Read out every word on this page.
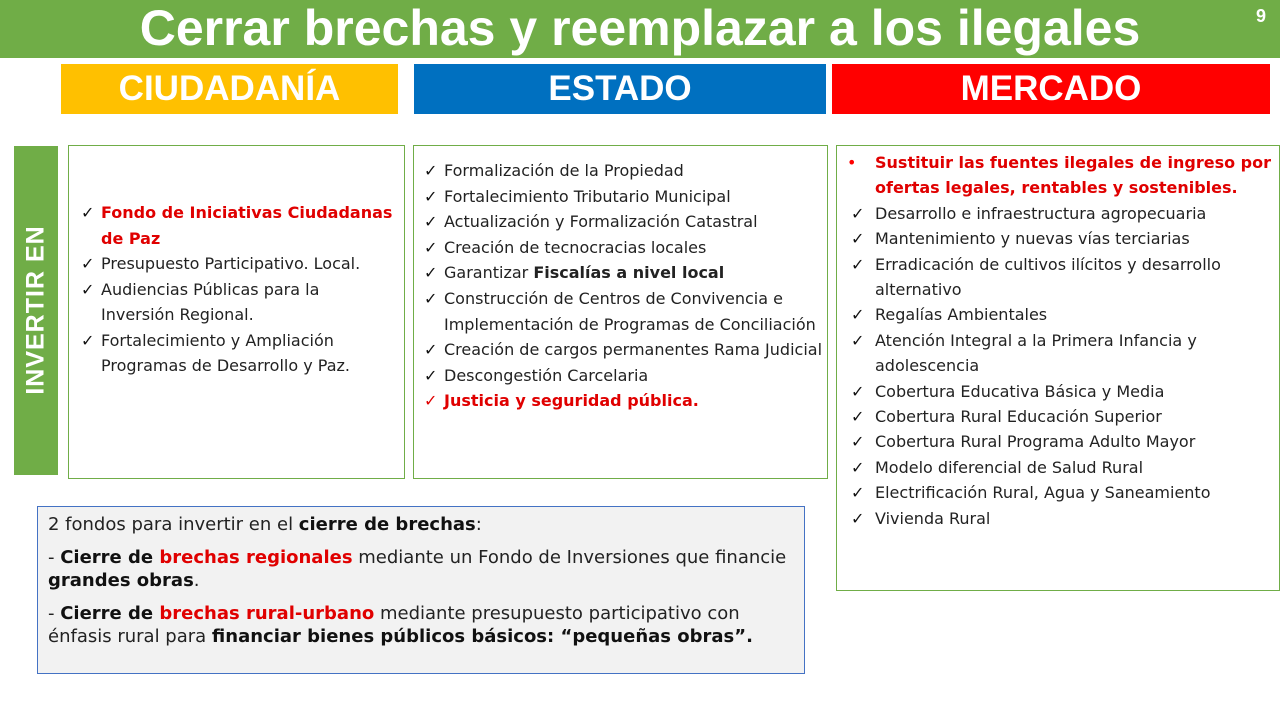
Cerrar brechas y reemplazar a los ilegales	9
CIUDADANÍA	ESTADO	MERCADO
INVERTIR EN
✓ Fondo de Iniciativas Ciudadanas de Paz
✓ Presupuesto Participativo. Local.
✓ Audiencias Públicas para la Inversión Regional.
✓ Fortalecimiento y Ampliación Programas de Desarrollo y Paz.
✓ Formalización de la Propiedad
✓ Fortalecimiento Tributario Municipal
✓ Actualización y Formalización Catastral
✓ Creación de tecnocracias locales
✓ Garantizar Fiscalías a nivel local
✓ Construcción de Centros de Convivencia e Implementación de Programas de Conciliación
✓ Creación de cargos permanentes Rama Judicial
✓ Descongestión Carcelaria
✓ Justicia y seguridad pública.
• Sustituir las fuentes ilegales de ingreso por ofertas legales, rentables y sostenibles.
✓ Desarrollo e infraestructura agropecuaria
✓ Mantenimiento y nuevas vías terciarias
✓ Erradicación de cultivos ilícitos y desarrollo alternativo
✓ Regalías Ambientales
✓ Atención Integral a la Primera Infancia y adolescencia
✓ Cobertura Educativa Básica y Media
✓ Cobertura Rural Educación Superior
✓ Cobertura Rural Programa Adulto Mayor
✓ Modelo diferencial de Salud Rural
✓ Electrificación Rural, Agua y Saneamiento
✓ Vivienda Rural

2 fondos para invertir en el cierre de brechas:

- Cierre de brechas regionales mediante un Fondo de Inversiones que financie grandes obras.

- Cierre de brechas rural-urbano mediante presupuesto participativo con énfasis rural para financiar bienes públicos básicos: “pequeñas obras”.
